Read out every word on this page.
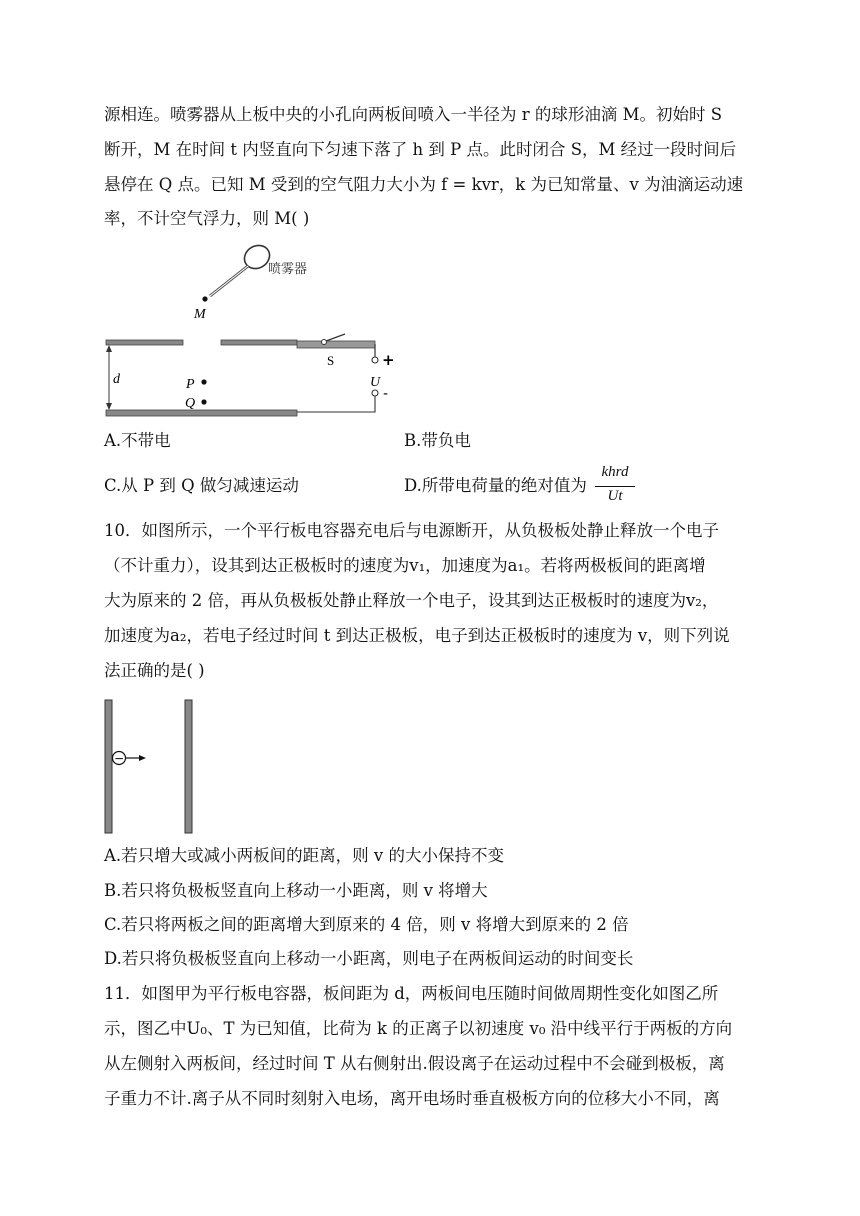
源相连。喷雾器从上板中央的小孔向两板间喷入一半径为 r 的球形油滴 M。初始时 S
断开，M 在时间 t 内竖直向下匀速下落了 h 到 P 点。此时闭合 S，M 经过一段时间后
悬停在 Q 点。已知 M 受到的空气阻力大小为 f = kvr，k 为已知常量、v 为油滴运动速
率，不计空气浮力，则 M( )
喷雾器
M
S	+
U
-
d	P
Q
A.不带电	B.带负电
C.从 P 到 Q 做匀减速运动	D.所带电荷量的绝对值为
khrd
Ut
10．如图所示，一个平行板电容器充电后与电源断开，从负极板处静止释放一个电子
（不计重力），设其到达正极板时的速度为v₁，加速度为a₁。若将两极板间的距离增
大为原来的 2 倍，再从负极板处静止释放一个电子，设其到达正极板时的速度为v₂，
加速度为a₂，若电子经过时间 t 到达正极板，电子到达正极板时的速度为 v，则下列说
法正确的是( )
−
A.若只增大或减小两板间的距离，则 v 的大小保持不变
B.若只将负极板竖直向上移动一小距离，则 v 将增大
C.若只将两板之间的距离增大到原来的 4 倍，则 v 将增大到原来的 2 倍
D.若只将负极板竖直向上移动一小距离，则电子在两板间运动的时间变长
11．如图甲为平行板电容器，板间距为 d，两板间电压随时间做周期性变化如图乙所
示，图乙中U₀、T 为已知值，比荷为 k 的正离子以初速度 v₀ 沿中线平行于两板的方向
从左侧射入两板间，经过时间 T 从右侧射出.假设离子在运动过程中不会碰到极板，离
子重力不计.离子从不同时刻射入电场，离开电场时垂直极板方向的位移大小不同，离
